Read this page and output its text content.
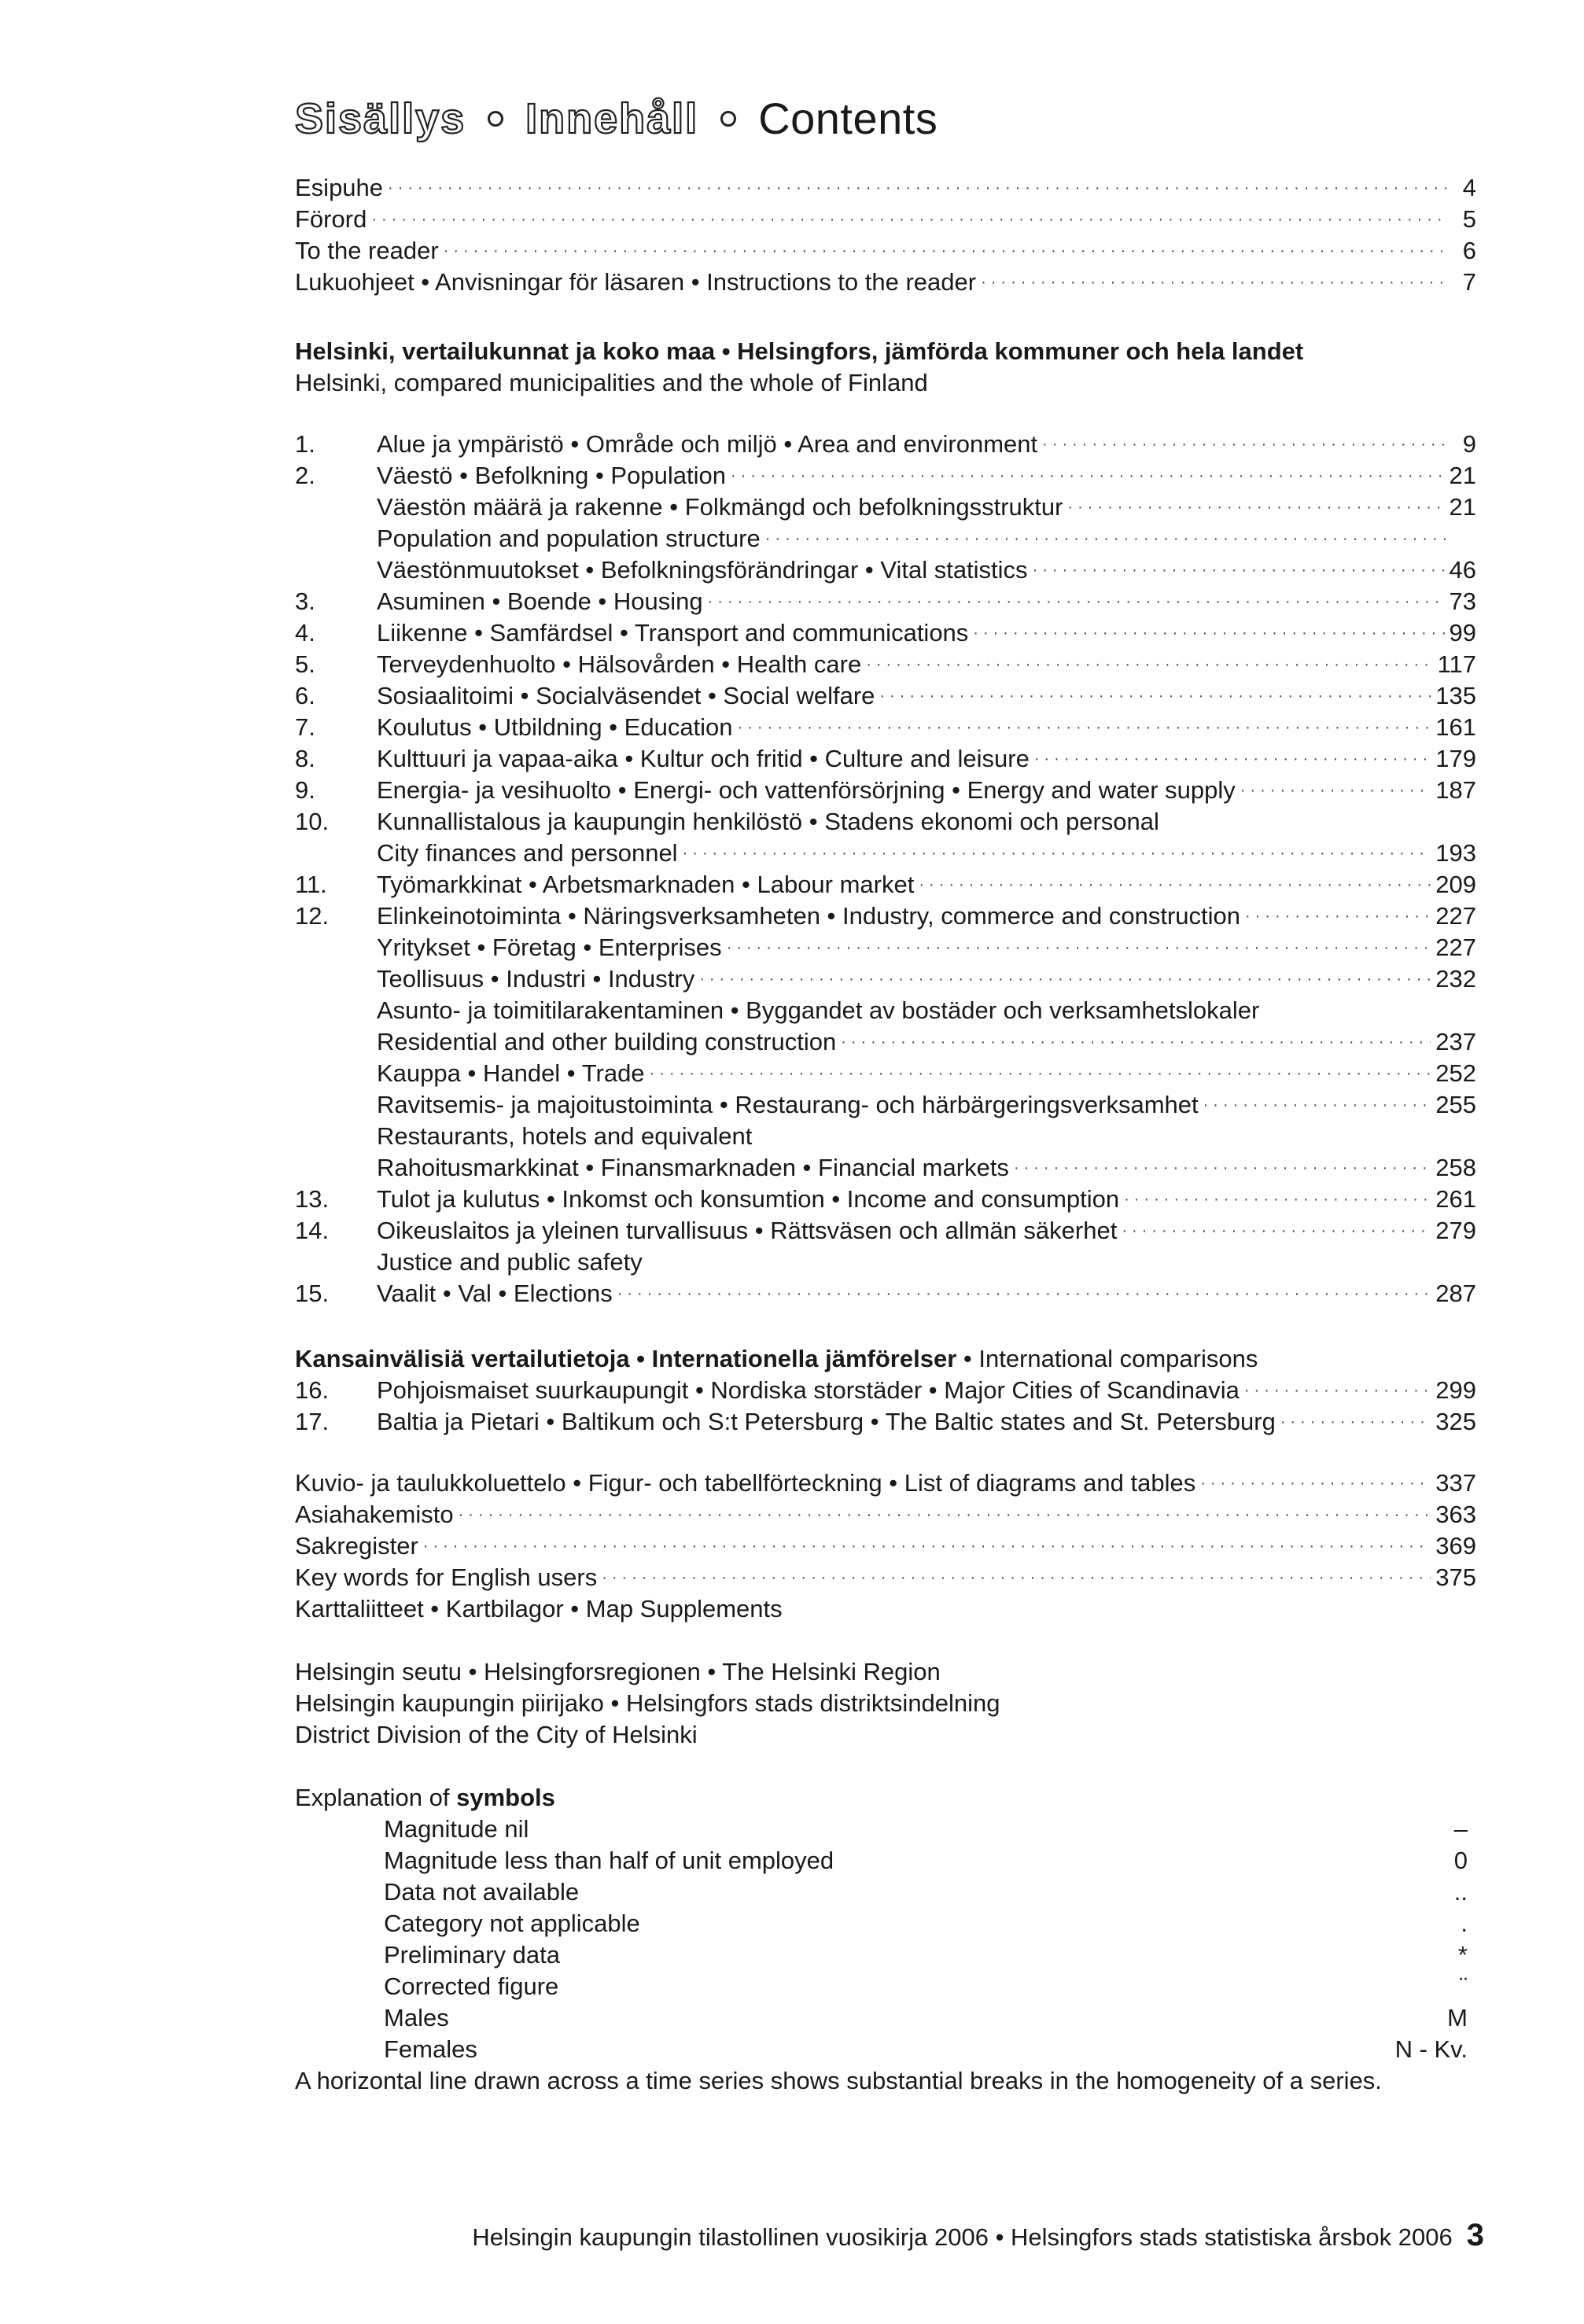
Sisällys Innehåll Contents
Esipuhe ·····	4
Förord ·····	5
To the reader ·····	6
Lukuohjeet • Anvisningar för läsaren • Instructions to the reader ·····	7
Helsinki, vertailukunnat ja koko maa • Helsingfors, jämförda kommuner och hela landet
Helsinki, compared municipalities and the whole of Finland
1.	Alue ja ympäristö • Område och miljö • Area and environment ·····	9
2.	Väestö • Befolkning • Population ·····	21
Väestön määrä ja rakenne • Folkmängd och befolkningsstruktur ·····	21
Population and population structure
·····
Väestönmuutokset • Befolkningsförändringar • Vital statistics ·····	46
3.	Asuminen • Boende • Housing ·····	73
4.	Liikenne • Samfärdsel • Transport and communications ·····	99
5.	Terveydenhuolto • Hälsovården • Health care ·····	117
6.	Sosiaalitoimi • Socialväsendet • Social welfare ·····	135
7.	Koulutus • Utbildning • Education ·····	161
8.	Kulttuuri ja vapaa-aika • Kultur och fritid • Culture and leisure ·····	179
9.	Energia- ja vesihuolto • Energi- och vattenförsörjning • Energy and water supply ·····	187
10.	Kunnallistalous ja kaupungin henkilöstö • Stadens ekonomi och personal
City finances and personnel ·····	193
11.	Työmarkkinat • Arbetsmarknaden • Labour market ·····	209
12.	Elinkeinotoiminta • Näringsverksamheten • Industry, commerce and construction ·····	227
Yritykset • Företag • Enterprises ·····	227
Teollisuus • Industri • Industry ·····	232
Asunto- ja toimitilarakentaminen • Byggandet av bostäder och verksamhetslokaler
Residential and other building construction ·····	237
Kauppa • Handel • Trade ·····	252
Ravitsemis- ja majoitustoiminta • Restaurang- och härbärgeringsverksamhet ·····	255
Restaurants, hotels and equivalent
Rahoitusmarkkinat • Finansmarknaden • Financial markets ·····	258
13.	Tulot ja kulutus • Inkomst och konsumtion • Income and consumption ·····	261
14.	Oikeuslaitos ja yleinen turvallisuus • Rättsväsen och allmän säkerhet ·····	279
Justice and public safety
15.	Vaalit • Val • Elections ·····	287
Kansainvälisiä vertailutietoja • Internationella jämförelser • International comparisons
16.	Pohjoismaiset suurkaupungit • Nordiska storstäder • Major Cities of Scandinavia ·····	299
17.	Baltia ja Pietari • Baltikum och S:t Petersburg • The Baltic states and St. Petersburg ·····	325
Kuvio- ja taulukkoluettelo • Figur- och tabellförteckning • List of diagrams and tables ·····	337
Asiahakemisto ·····	363
Sakregister ·····	369
Key words for English users ·····	375
Karttaliitteet • Kartbilagor • Map Supplements
Helsingin seutu • Helsingforsregionen • The Helsinki Region
Helsingin kaupungin piirijako • Helsingfors stads distriktsindelning
District Division of the City of Helsinki
Explanation of symbols
Magnitude nil	–
Magnitude less than half of unit employed	0
Data not available	..
Category not applicable	.
Preliminary data	*
Corrected figure	¨
Males	M
Females	N - Kv.
A horizontal line drawn across a time series shows substantial breaks in the homogeneity of a series.
Helsingin kaupungin tilastollinen vuosikirja 2006 • Helsingfors stads statistiska årsbok 2006 3
